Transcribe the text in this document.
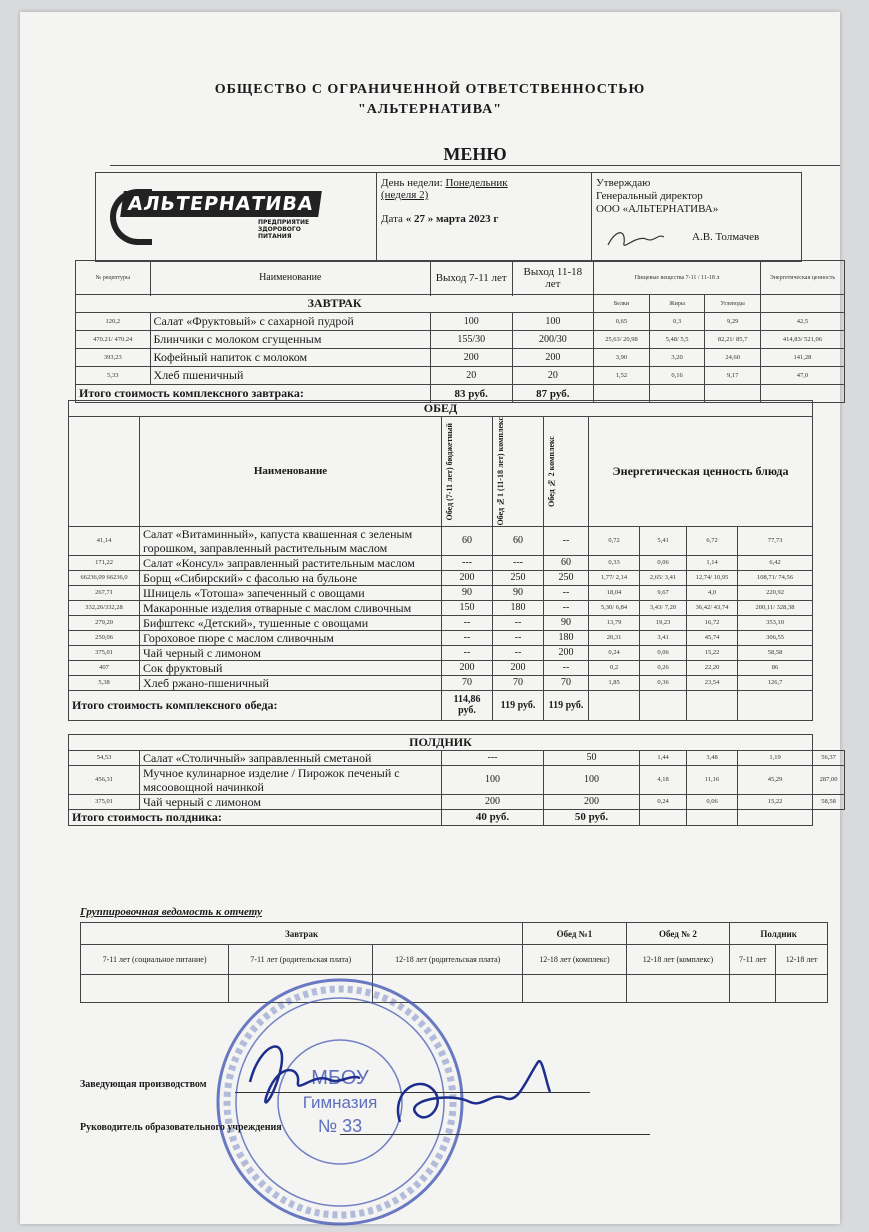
ОБЩЕСТВО С ОГРАНИЧЕННОЙ ОТВЕТСТВЕННОСТЬЮ
"АЛЬТЕРНАТИВА"
МЕНЮ
АЛЬТЕРНАТИВА
ПРЕДПРИЯТИЕ
ЗДОРОВОГО
ПИТАНИЯ
День недели: Понедельник
(неделя 2)
Дата « 27 » марта 2023 г
Утверждаю
Генеральный директор
ООО «АЛЬТЕРНАТИВА»
А.В. Толмачев
№ рецептуры	Наименование	Выход 7-11 лет	Выход 11-18 лет	Пищевые вещества 7-11 / 11-18 л			Энергетическая ценность

ЗАВТРАК				Белки	Жиры	Углеводы	
120,2	Салат «Фруктовый» с сахарной пудрой	100	100	0,65	0,3	9,29	42,5
470.21/ 470.24	Блинчики с молоком сгущенным	155/30	200/30	25,63/ 20,98	5,48/ 5,5	82,21/ 85,7	414,83/ 521,06
393,23	Кофейный напиток с молоком	200	200	3,90	3,20	24,60	141,28
5,33	Хлеб пшеничный	20	20	1,52	0,16	9,17	47,0
Итого стоимость комплексного завтрака:		83 руб.	87 руб.				
ОБЕД									
	Наименование	Обед (7-11 лет) бюджетный	Обед №1 (11-18 лет) комплекс	Обед № 2 комплекс	Энергетическая ценность блюда				
41,14	Салат «Витаминный», капуста квашенная с зеленым горошком, заправленный растительным маслом	60	60	--	0,72	5,41	6,72	77,73	
171,22	Салат «Консул» заправленный растительным маслом	---	---	60	0,33	0,06	1,14	6,42	
66236,09 66236,0	Борщ «Сибирский» с фасолью на бульоне	200	250	250	1,77/ 2,14	2,65/ 3,41	12,74/ 10,95	108,71/ 74,56	
267,71	Шницель «Тотоша» запеченный с овощами	90	90	--	18,04	9,67	4,0	220,92	
332,26/332,28	Макаронные изделия отварные с маслом сливочным	150	180	--	5,30/ 6,84	3,43/ 7,20	36,42/ 43,74	200,11/ 328,38	
279,20	Бифштекс «Детский», тушенные с овощами	--	--	90	13,79	19,23	16,72	353,10	
250,06	Гороховое пюре с маслом сливочным	--	--	180	20,31	3,41	45,74	306,55	
375,01	Чай черный с лимоном	--	--	200	0,24	0,06	15,22	58,58	
407	Сок фруктовый	200	200	--	0,2	0,26	22,20	86	
5,38	Хлеб ржано-пшеничный	70	70	70	1,85	0,36	23,54	126,7	
Итого стоимость комплексного обеда:		114,86 руб.	119 руб.	119 руб.					

ПОЛДНИК									
54,53	Салат «Столичный» заправленный сметаной	---		50		1,44	3,48	1,19	56,37
456,31	Мучное кулинарное изделие / Пирожок печеный с мясоовощной начинкой	100		100		4,18	11,16	45,29	287,00
375,01	Чай черный с лимоном	200		200		0,24	0,06	15,22	58,58
Итого стоимость полдника:		40 руб.		50 руб.					
Группировочная ведомость к отчету
Завтрак			Обед №1	Обед № 2	Полдник	
7-11 лет (социальное питание)	7-11 лет (родительская плата)	12-18 лет (родительская плата)	12-18 лет (комплекс)	12-18 лет (комплекс)	7-11 лет	12-18 лет

МБОУ
Гимназия
№ 33
Заведующая производством
Руководитель образовательного учреждения
